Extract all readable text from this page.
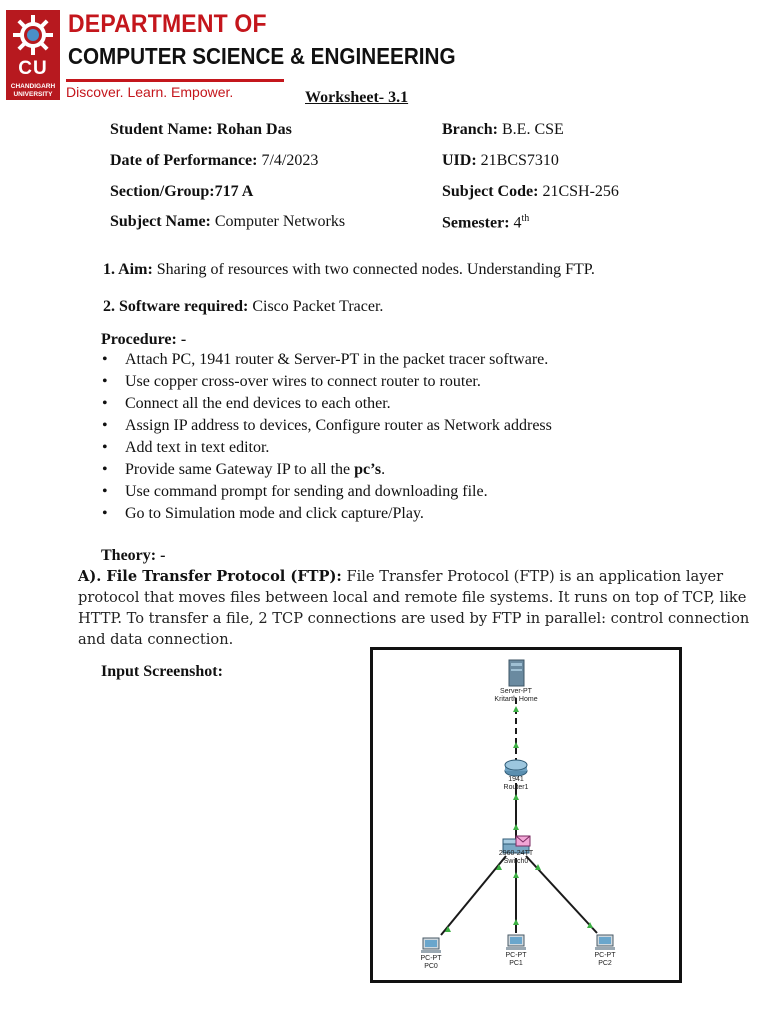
CU
CHANDIGARH UNIVERSITY
DEPARTMENT OF
COMPUTER SCIENCE & ENGINEERING
Discover. Learn. Empower.	Worksheet- 3.1
Student Name: Rohan Das	Branch: B.E. CSE
Date of Performance: 7/4/2023	UID: 21BCS7310
Section/Group:717 A	Subject Code: 21CSH-256
Subject Name: Computer Networks	Semester: 4th
1. Aim: Sharing of resources with two connected nodes. Understanding FTP.
2. Software required: Cisco Packet Tracer.
Procedure: -
• Attach PC, 1941 router & Server-PT in the packet tracer software.
• Use copper cross-over wires to connect router to router.
• Connect all the end devices to each other.
• Assign IP address to devices, Configure router as Network address
• Add text in text editor.
• Provide same Gateway IP to all the pc’s.
• Use command prompt for sending and downloading file.
• Go to Simulation mode and click capture/Play.
Theory: -
A). File Transfer Protocol (FTP): File Transfer Protocol (FTP) is an application layer protocol that moves files between local and remote file systems. It runs on top of TCP, like HTTP. To transfer a file, 2 TCP connections are used by FTP in parallel: control connection and data connection.
Input Screenshot:
Server-PT
Kritarth Home
1941
Router1
2960-24TT
Switch0
PC-PT
PC0
PC-PT
PC1
PC-PT
PC2
